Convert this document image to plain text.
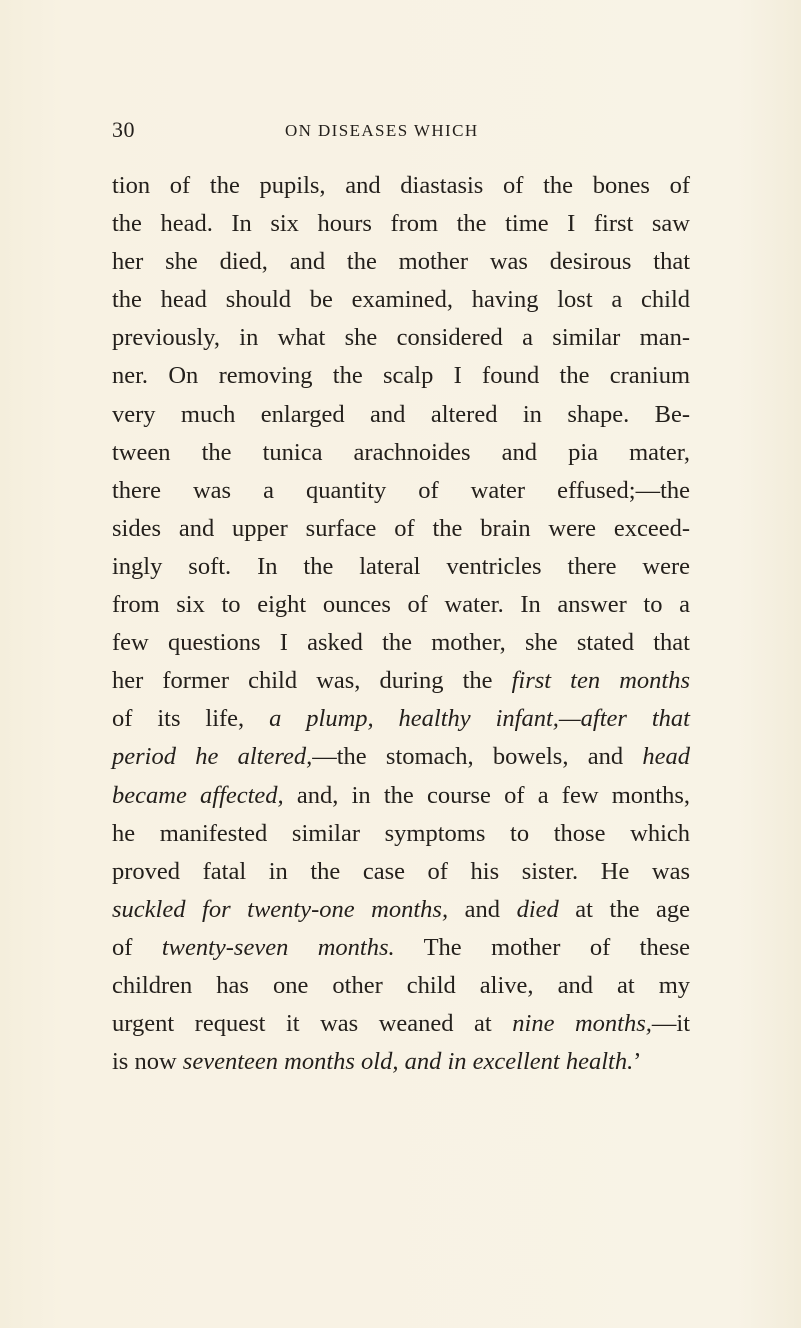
30	ON DISEASES WHICH
tion of the pupils, and diastasis of the bones of
the head. In six hours from the time I first saw
her she died, and the mother was desirous that
the head should be examined, having lost a child
previously, in what she considered a similar man-
ner. On removing the scalp I found the cranium
very much enlarged and altered in shape. Be-
tween the tunica arachnoides and pia mater,
there was a quantity of water effused;—the
sides and upper surface of the brain were exceed-
ingly soft. In the lateral ventricles there were
from six to eight ounces of water. In answer to a
few questions I asked the mother, she stated that
her former child was, during the first ten months
of its life, a plump, healthy infant,—after that
period he altered,—the stomach, bowels, and head
became affected, and, in the course of a few months,
he manifested similar symptoms to those which
proved fatal in the case of his sister. He was
suckled for twenty-one months, and died at the age
of twenty-seven months. The mother of these
children has one other child alive, and at my
urgent request it was weaned at nine months,—it
is now seventeen months old, and in excellent health.’
